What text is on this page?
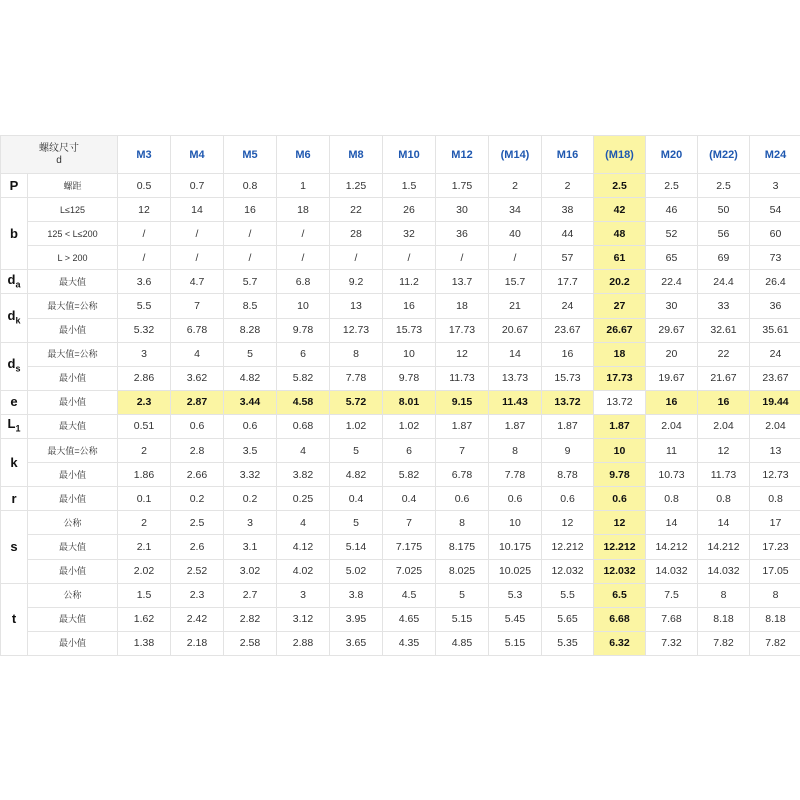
螺纹尺寸
d		M3	M4	M5	M6	M8	M10	M12	(M14)	M16	(M18)	M20	(M22)	M24
P	螺距	0.5	0.7	0.8	1	1.25	1.5	1.75	2	2	2.5	2.5	2.5	3
b	L≤125	12	14	16	18	22	26	30	34	38	42	46	50	54
	125 < L≤200	/	/	/	/	28	32	36	40	44	48	52	56	60
	L > 200	/	/	/	/	/	/	/	/	57	61	65	69	73
$d_a$	最大值	3.6	4.7	5.7	6.8	9.2	11.2	13.7	15.7	17.7	20.2	22.4	24.4	26.4
$d_k$	最大值=公称	5.5	7	8.5	10	13	16	18	21	24	27	30	33	36
	最小值	5.32	6.78	8.28	9.78	12.73	15.73	17.73	20.67	23.67	26.67	29.67	32.61	35.61
$d_s$	最大值=公称	3	4	5	6	8	10	12	14	16	18	20	22	24
	最小值	2.86	3.62	4.82	5.82	7.78	9.78	11.73	13.73	15.73	17.73	19.67	21.67	23.67
e	最小值	2.3	2.87	3.44	4.58	5.72	8.01	9.15	11.43	13.72	13.72	16	16	19.44
$L_1$	最大值	0.51	0.6	0.6	0.68	1.02	1.02	1.87	1.87	1.87	1.87	2.04	2.04	2.04
k	最大值=公称	2	2.8	3.5	4	5	6	7	8	9	10	11	12	13
	最小值	1.86	2.66	3.32	3.82	4.82	5.82	6.78	7.78	8.78	9.78	10.73	11.73	12.73
r	最小值	0.1	0.2	0.2	0.25	0.4	0.4	0.6	0.6	0.6	0.6	0.8	0.8	0.8
s	公称	2	2.5	3	4	5	7	8	10	12	12	14	14	17
	最大值	2.1	2.6	3.1	4.12	5.14	7.175	8.175	10.175	12.212	12.212	14.212	14.212	17.23
	最小值	2.02	2.52	3.02	4.02	5.02	7.025	8.025	10.025	12.032	12.032	14.032	14.032	17.05
t	公称	1.5	2.3	2.7	3	3.8	4.5	5	5.3	5.5	6.5	7.5	8	8
	最大值	1.62	2.42	2.82	3.12	3.95	4.65	5.15	5.45	5.65	6.68	7.68	8.18	8.18
	最小值	1.38	2.18	2.58	2.88	3.65	4.35	4.85	5.15	5.35	6.32	7.32	7.82	7.82
